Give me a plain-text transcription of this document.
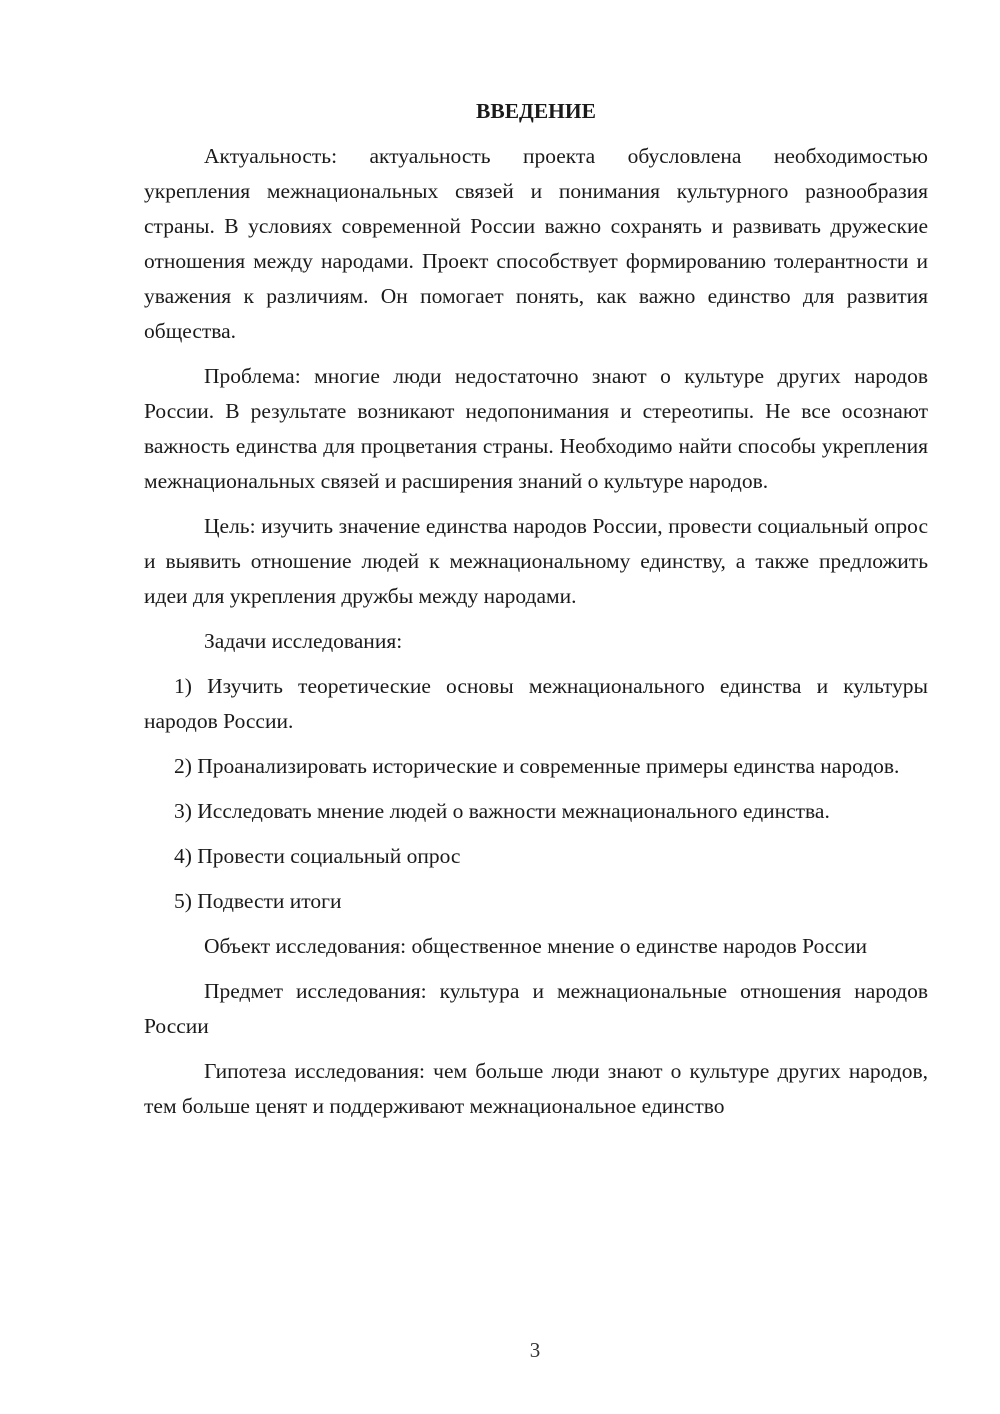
ВВЕДЕНИЕ

Актуальность: актуальность проекта обусловлена необходимостью укрепления межнациональных связей и понимания культурного разнообразия страны. В условиях современной России важно сохранять и развивать дружеские отношения между народами. Проект способствует формированию толерантности и уважения к различиям. Он помогает понять, как важно единство для развития общества.

Проблема: многие люди недостаточно знают о культуре других народов России. В результате возникают недопонимания и стереотипы. Не все осознают важность единства для процветания страны. Необходимо найти способы укрепления межнациональных связей и расширения знаний о культуре народов.

Цель: изучить значение единства народов России, провести социальный опрос и выявить отношение людей к межнациональному единству, а также предложить идеи для укрепления дружбы между народами.

Задачи исследования:

1) Изучить теоретические основы межнационального единства и культуры народов России.

2) Проанализировать исторические и современные примеры единства народов.

3) Исследовать мнение людей о важности межнационального единства.

4) Провести социальный опрос

5) Подвести итоги

Объект исследования: общественное мнение о единстве народов России

Предмет исследования: культура и межнациональные отношения народов России

Гипотеза исследования: чем больше люди знают о культуре других народов, тем больше ценят и поддерживают межнациональное единство

3
